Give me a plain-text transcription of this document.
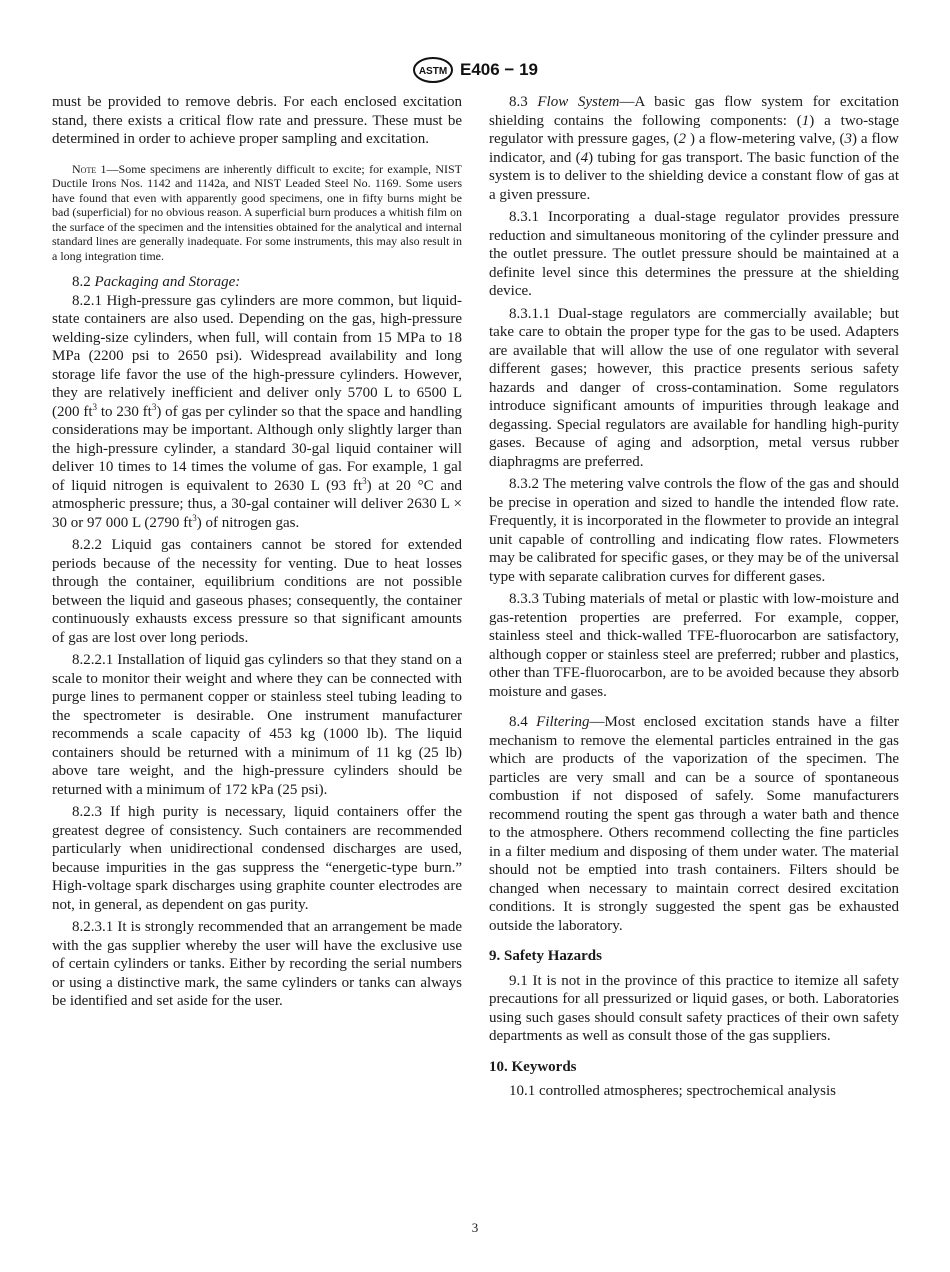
ASTM E406 − 19

must be provided to remove debris. For each enclosed excitation stand, there exists a critical flow rate and pressure. These must be determined in order to achieve proper sampling and excitation.

Note 1—Some specimens are inherently difficult to excite; for example, NIST Ductile Irons Nos. 1142 and 1142a, and NIST Leaded Steel No. 1169. Some users have found that even with apparently good specimens, one in fifty burns might be bad (superficial) for no obvious reason. A superficial burn produces a whitish film on the surface of the specimen and the intensities obtained for the analytical and internal standard lines are generally inadequate. For some instruments, this may also result in a long integration time.

8.2 Packaging and Storage:

8.2.1 High-pressure gas cylinders are more common, but liquid-state containers are also used. Depending on the gas, high-pressure welding-size cylinders, when full, will contain from 15 MPa to 18 MPa (2200 psi to 2650 psi). Widespread availability and long storage life favor the use of the high-pressure cylinders. However, they are relatively inefficient and deliver only 5700 L to 6500 L (200 $ft^3$ to 230 $ft^3$) of gas per cylinder so that the space and handling considerations may be important. Although only slightly larger than the high-pressure cylinder, a standard 30-gal liquid container will deliver 10 times to 14 times the volume of gas. For example, 1 gal of liquid nitrogen is equivalent to 2630 L (93 $ft^3$) at 20 °C and atmospheric pressure; thus, a 30-gal container will deliver 2630 L × 30 or 97 000 L (2790 $ft^3$) of nitrogen gas.

8.2.2 Liquid gas containers cannot be stored for extended periods because of the necessity for venting. Due to heat losses through the container, equilibrium conditions are not possible between the liquid and gaseous phases; consequently, the container continuously exhausts excess pressure so that significant amounts of gas are lost over long periods.

8.2.2.1 Installation of liquid gas cylinders so that they stand on a scale to monitor their weight and where they can be connected with purge lines to permanent copper or stainless steel tubing leading to the spectrometer is desirable. One instrument manufacturer recommends a scale capacity of 453 kg (1000 lb). The liquid containers should be returned with a minimum of 11 kg (25 lb) above tare weight, and the high-pressure cylinders should be returned with a minimum of 172 kPa (25 psi).

8.2.3 If high purity is necessary, liquid containers offer the greatest degree of consistency. Such containers are recommended particularly when unidirectional condensed discharges are used, because impurities in the gas suppress the “energetic-type burn.” High-voltage spark discharges using graphite counter electrodes are not, in general, as dependent on gas purity.

8.2.3.1 It is strongly recommended that an arrangement be made with the gas supplier whereby the user will have the exclusive use of certain cylinders or tanks. Either by recording the serial numbers or using a distinctive mark, the same cylinders or tanks can always be identified and set aside for the user.

8.3 Flow System—A basic gas flow system for excitation shielding contains the following components: (1) a two-stage regulator with pressure gages, (2 ) a flow-metering valve, (3) a flow indicator, and (4) tubing for gas transport. The basic function of the system is to deliver to the shielding device a constant flow of gas at a given pressure.

8.3.1 Incorporating a dual-stage regulator provides pressure reduction and simultaneous monitoring of the cylinder pressure and the outlet pressure. The outlet pressure should be maintained at a definite level since this determines the pressure at the shielding device.

8.3.1.1 Dual-stage regulators are commercially available; but take care to obtain the proper type for the gas to be used. Adapters are available that will allow the use of one regulator with several different gases; however, this practice presents serious safety hazards and danger of cross-contamination. Some regulators introduce significant amounts of impurities through leakage and degassing. Special regulators are available for handling high-purity gases. Because of aging and adsorption, metal versus rubber diaphragms are preferred.

8.3.2 The metering valve controls the flow of the gas and should be precise in operation and sized to handle the intended flow rate. Frequently, it is incorporated in the flowmeter to provide an integral unit capable of controlling and indicating flow rates. Flowmeters may be calibrated for specific gases, or they may be of the universal type with separate calibration curves for different gases.

8.3.3 Tubing materials of metal or plastic with low-moisture and gas-retention properties are preferred. For example, copper, stainless steel and thick-walled TFE-fluorocarbon are satisfactory, although copper or stainless steel are preferred; rubber and plastics, other than TFE-fluorocarbon, are to be avoided because they absorb moisture and gases.

8.4 Filtering—Most enclosed excitation stands have a filter mechanism to remove the elemental particles entrained in the gas which are products of the vaporization of the specimen. The particles are very small and can be a source of spontaneous combustion if not disposed of safely. Some manufacturers recommend routing the spent gas through a water bath and thence to the atmosphere. Others recommend collecting the fine particles in a filter medium and disposing of them under water. The material should not be emptied into trash containers. Filters should be changed when necessary to maintain correct desired excitation conditions. It is strongly suggested the spent gas be exhausted outside the laboratory.

9. Safety Hazards

9.1 It is not in the province of this practice to itemize all safety precautions for all pressurized or liquid gases, or both. Laboratories using such gases should consult safety practices of their own safety departments as well as consult those of the gas suppliers.

10. Keywords

10.1 controlled atmospheres; spectrochemical analysis

3
